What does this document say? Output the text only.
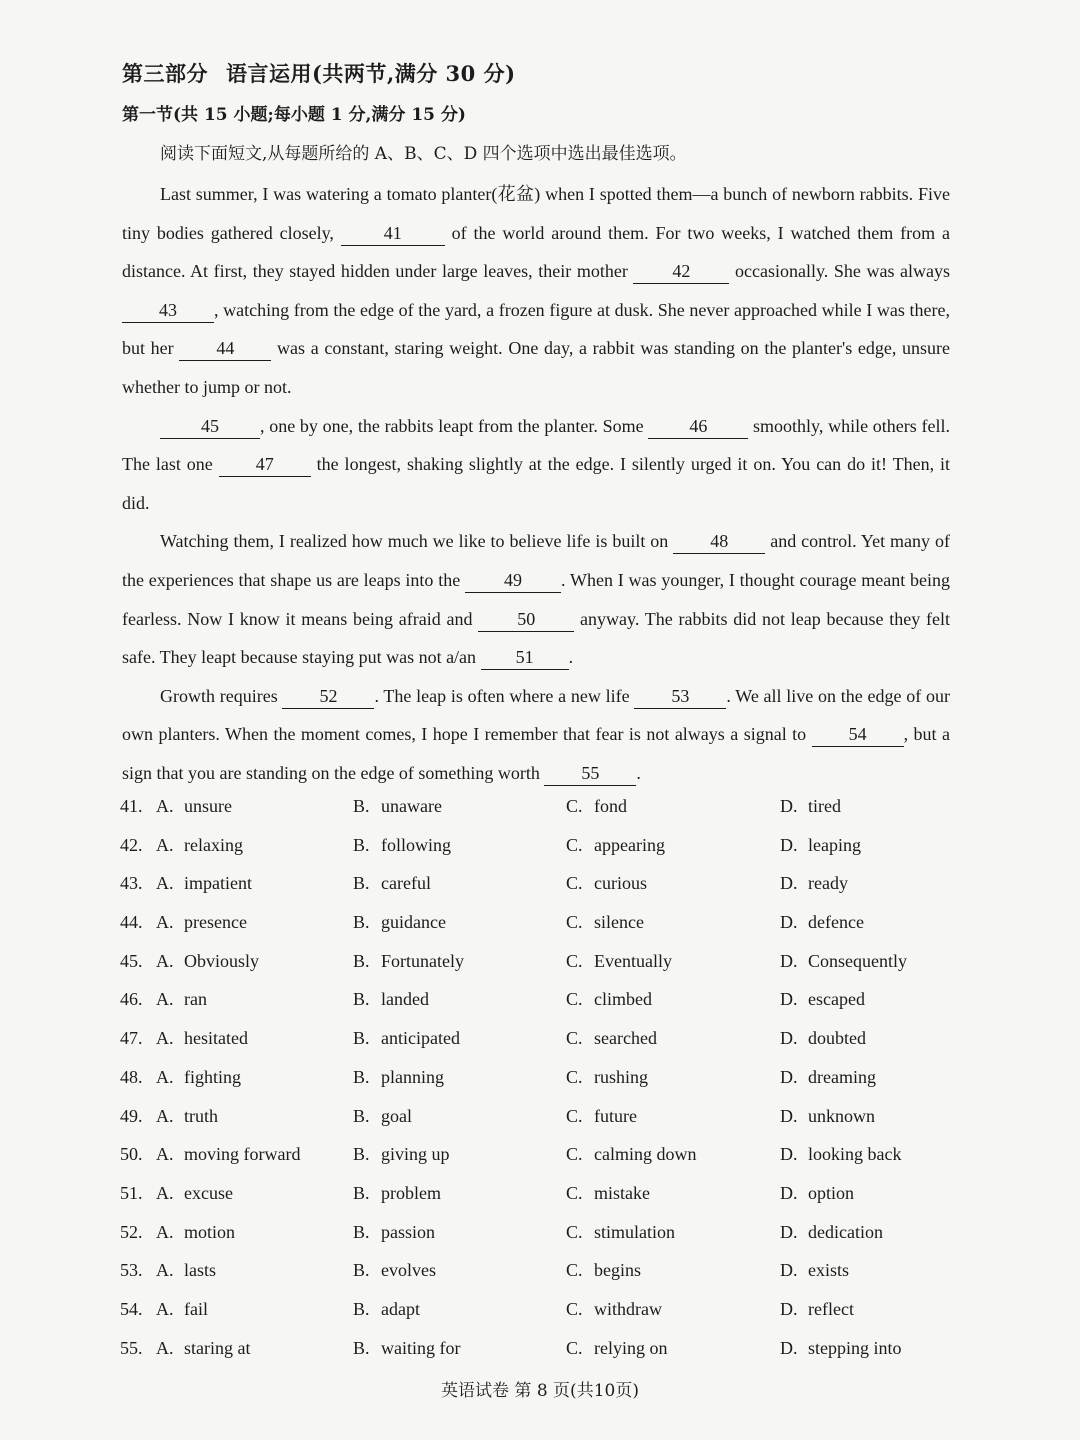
第三部分 语言运用(共两节,满分 30 分)
第一节(共 15 小题;每小题 1 分,满分 15 分)
阅读下面短文,从每题所给的 A、B、C、D 四个选项中选出最佳选项。

Last summer, I was watering a tomato planter(花盆) when I spotted them—a bunch of newborn rabbits. Five tiny bodies gathered closely,	41	of the world around them. For two weeks, I watched them from a distance. At first, they stayed hidden under large leaves, their mother 42 occasionally. She was always 43 , watching from the edge of the yard, a frozen figure at dusk. She never approached while I was there, but her 44 was a constant, staring weight. One day, a rabbit was standing on the planter's edge, unsure whether to jump or not.

45 , one by one, the rabbits leapt from the planter. Some	46	smoothly, while others fell. The last one 47 the longest, shaking slightly at the edge. I silently urged it on. You can do it! Then, it did.

Watching them, I realized how much we like to believe life is built on 48 and control. Yet many of the experiences that shape us are leaps into the 49 . When I was younger, I thought courage meant being fearless. Now I know it means being afraid and 50 anyway. The rabbits did not leap because they felt safe. They leapt because staying put was not a/an 51 .

Growth requires 52 . The leap is often where a new life 53 . We all live on the edge of our own planters. When the moment comes, I hope I remember that fear is not always a signal to 54 , but a sign that you are standing on the edge of something worth 55 .

41. A. unsure	B. unaware	C. fond	D. tired
42. A. relaxing	B. following	C. appearing	D. leaping
43. A. impatient	B. careful	C. curious	D. ready
44. A. presence	B. guidance	C. silence	D. defence
45. A. Obviously	B. Fortunately	C. Eventually	D. Consequently
46. A. ran	B. landed	C. climbed	D. escaped
47. A. hesitated	B. anticipated	C. searched	D. doubted
48. A. fighting	B. planning	C. rushing	D. dreaming
49. A. truth	B. goal	C. future	D. unknown
50. A. moving forward	B. giving up	C. calming down	D. looking back
51. A. excuse	B. problem	C. mistake	D. option
52. A. motion	B. passion	C. stimulation	D. dedication
53. A. lasts	B. evolves	C. begins	D. exists
54. A. fail	B. adapt	C. withdraw	D. reflect
55. A. staring at	B. waiting for	C. relying on	D. stepping into
英语试卷 第 8 页(共10页)
